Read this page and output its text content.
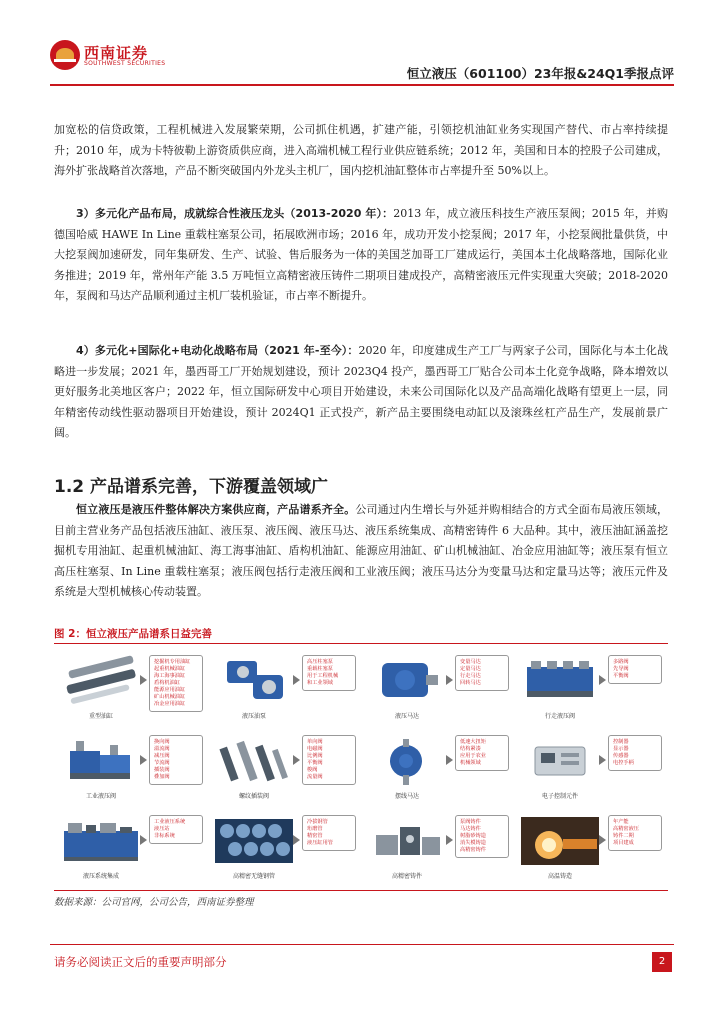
西南证券
SOUTHWEST SECURITIES
恒立液压（601100）23年报&24Q1季报点评

加宽松的信贷政策，工程机械进入发展繁荣期，公司抓住机遇，扩建产能，引领挖机油缸业务实现国产替代、市占率持续提升；2010 年，成为卡特彼勒上游资质供应商，进入高端机械工程行业供应链系统；2012 年，美国和日本的控股子公司建成，海外扩张战略首次落地，产品不断突破国内外龙头主机厂，国内挖机油缸整体市占率提升至 50%以上。

3）多元化产品布局，成就综合性液压龙头（2013-2020 年）：2013 年，成立液压科技生产液压泵阀；2015 年，并购德国哈威 HAWE In Line 重载柱塞泵公司，拓展欧洲市场；2016 年，成功开发小挖泵阀；2017 年，小挖泵阀批量供货，中大挖泵阀加速研发，同年集研发、生产、试验、售后服务为一体的美国芝加哥工厂建成运行，美国本土化战略落地，国际化业务推进；2019 年，常州年产能 3.5 万吨恒立高精密液压铸件二期项目建成投产，高精密液压元件实现重大突破；2018-2020 年，泵阀和马达产品顺利通过主机厂装机验证，市占率不断提升。
4）多元化+国际化+电动化战略布局（2021 年-至今）：2020 年，印度建成生产工厂与两家子公司，国际化与本土化战略进一步发展；2021 年，墨西哥工厂开始规划建设，预计 2023Q4 投产，墨西哥工厂贴合公司本土化竞争战略，降本增效以更好服务北美地区客户；2022 年，恒立国际研发中心项目开始建设，未来公司国际化以及产品高端化战略有望更上一层，同年精密传动线性驱动器项目开始建设，预计 2024Q1 正式投产，新产品主要围绕电动缸以及滚珠丝杠产品生产，发展前景广阔。
1.2 产品谱系完善，下游覆盖领域广
恒立液压是液压件整体解决方案供应商，产品谱系齐全。公司通过内生增长与外延并购相结合的方式全面布局液压领域，目前主营业务产品包括液压油缸、液压泵、液压阀、液压马达、液压系统集成、高精密铸件 6 大品种。其中，液压油缸涵盖挖掘机专用油缸、起重机械油缸、海工海事油缸、盾构机油缸、能源应用油缸、矿山机械油缸、冶金应用油缸等；液压泵有恒立高压柱塞泵、In Line 重载柱塞泵；液压阀包括行走液压阀和工业液压阀；液压马达分为变量马达和定量马达等；液压元件及系统是大型机械核心传动装置。
图 2：恒立液压产品谱系日益完善
重型油缸
挖掘机专用油缸
起重机械油缸
海工海事油缸
盾构机油缸
能源应用油缸
矿山机械油缸
冶金应用油缸
液压油泵
高压柱塞泵
重载柱塞泵
用于工程机械
和工业领域
液压马达
变量马达
定量马达
行走马达
回转马达
行走液压阀
多路阀
先导阀
平衡阀
工业液压阀
换向阀
溢流阀
减压阀
节流阀
插装阀
叠加阀
螺纹插装阀
单向阀
电磁阀
比例阀
平衡阀
梭阀
流量阀
摆线马达
低速大扭矩
结构紧凑
应用于农业
机械领域
电子控制元件
控制器
显示器
传感器
电控手柄
液压系统集成
工业液压系统
液压站
非标系统
高精密无缝钢管
冷拔钢管
珩磨管
精密管
液压缸用管
高精密铸件
泵阀铸件
马达铸件
树脂砂铸造
消失模铸造
高精密铸件
高温铸造
年产能
高精密液压
铸件二期
项目建成
数据来源：公司官网，公司公告，西南证券整理
请务必阅读正文后的重要声明部分	2
